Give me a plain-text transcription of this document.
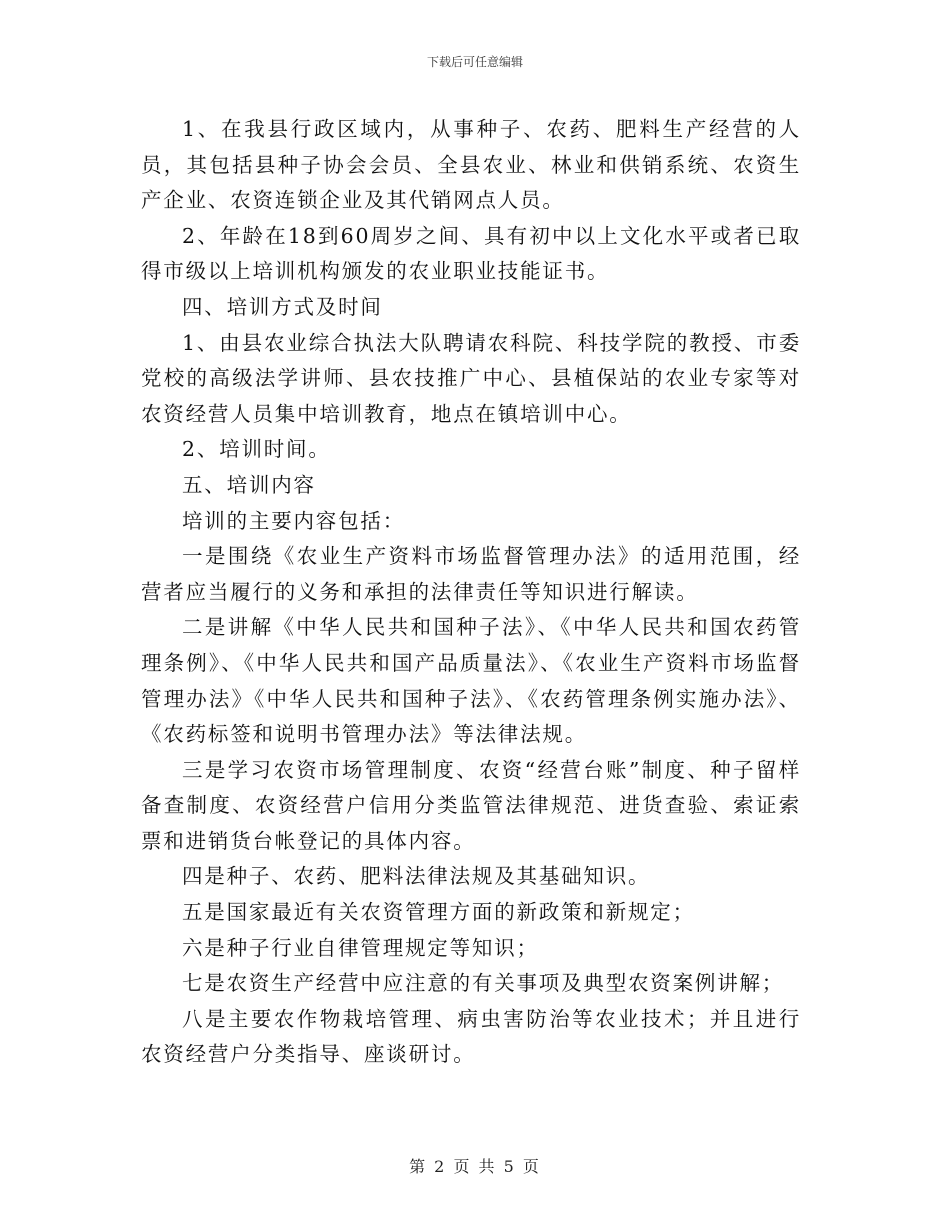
下载后可任意编辑

1、在我县行政区域内，从事种子、农药、肥料生产经营的人员，其包括县种子协会会员、全县农业、林业和供销系统、农资生产企业、农资连锁企业及其代销网点人员。

2、年龄在18到60周岁之间、具有初中以上文化水平或者已取得市级以上培训机构颁发的农业职业技能证书。

四、培训方式及时间

1、由县农业综合执法大队聘请农科院、科技学院的教授、市委党校的高级法学讲师、县农技推广中心、县植保站的农业专家等对农资经营人员集中培训教育，地点在镇培训中心。

2、培训时间。

五、培训内容

培训的主要内容包括：

一是围绕《农业生产资料市场监督管理办法》的适用范围，经营者应当履行的义务和承担的法律责任等知识进行解读。

二是讲解《中华人民共和国种子法》、《中华人民共和国农药管理条例》、《中华人民共和国产品质量法》、《农业生产资料市场监督管理办法》《中华人民共和国种子法》、《农药管理条例实施办法》、《农药标签和说明书管理办法》等法律法规。

三是学习农资市场管理制度、农资“经营台账”制度、种子留样备查制度、农资经营户信用分类监管法律规范、进货查验、索证索票和进销货台帐登记的具体内容。

四是种子、农药、肥料法律法规及其基础知识。

五是国家最近有关农资管理方面的新政策和新规定；

六是种子行业自律管理规定等知识；

七是农资生产经营中应注意的有关事项及典型农资案例讲解；

八是主要农作物栽培管理、病虫害防治等农业技术；并且进行农资经营户分类指导、座谈研讨。

第 2 页 共 5 页
